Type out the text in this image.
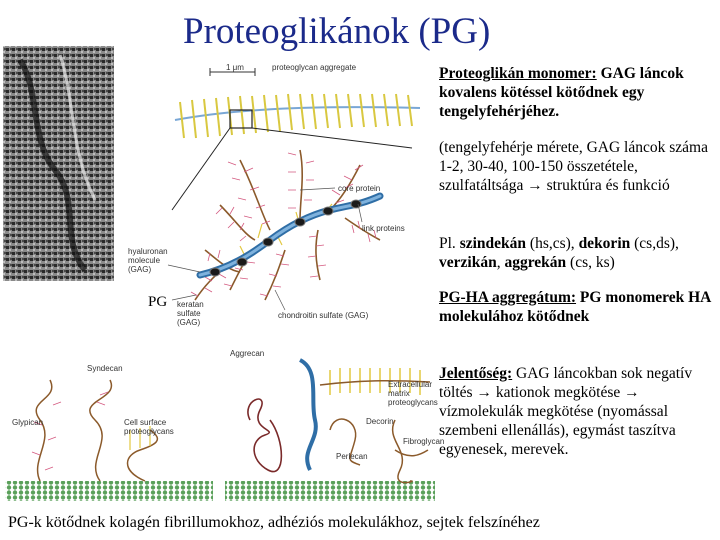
1 μm	proteoglycan aggregate
core protein
link proteins
hyaluronan molecule (GAG)
keratan sulfate (GAG)
chondroitin sulfate (GAG)
Aggrecan
Syndecan
Glypican	Cell surface proteoglycans
Decorin
Perlecan
Fibroglycan
Extracellular matrix proteoglycans
PG
Proteoglikánok (PG)
Proteoglikán monomer: GAG láncok kovalens kötéssel kötődnek egy tengelyfehérjéhez.
(tengelyfehérje mérete, GAG láncok száma 1-2, 30-40, 100-150 összetétele, szulfatáltsága → struktúra és funkció
Pl. szindekán (hs,cs), dekorin (cs,ds), verzikán, aggrekán (cs, ks)
PG-HA aggregátum: PG monomerek HA molekulához kötődnek
Jelentőség: GAG láncokban sok negatív töltés → kationok megkötése → vízmolekulák megkötése (nyomással szembeni ellenállás), egymást taszítva egyenesek, merevek.
PG-k kötődnek kolagén fibrillumokhoz, adhéziós molekulákhoz, sejtek felszínéhez
